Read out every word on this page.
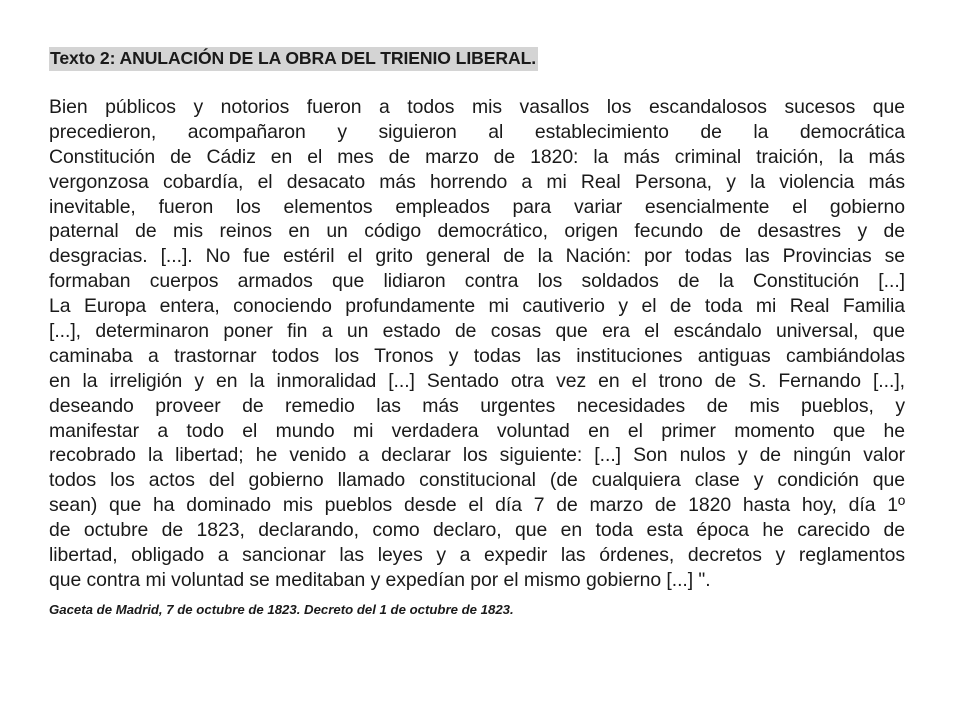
Texto 2: ANULACIÓN DE LA OBRA DEL TRIENIO LIBERAL.
Bien públicos y notorios fueron a todos mis vasallos los escandalosos sucesos que
precedieron, acompañaron y siguieron al establecimiento de la democrática
Constitución de Cádiz en el mes de marzo de 1820: la más criminal traición, la más
vergonzosa cobardía, el desacato más horrendo a mi Real Persona, y la violencia más
inevitable, fueron los elementos empleados para variar esencialmente el gobierno
paternal de mis reinos en un código democrático, origen fecundo de desastres y de
desgracias. [...]. No fue estéril el grito general de la Nación: por todas las Provincias se
formaban cuerpos armados que lidiaron contra los soldados de la Constitución [...]
La Europa entera, conociendo profundamente mi cautiverio y el de toda mi Real Familia
[...], determinaron poner fin a un estado de cosas que era el escándalo universal, que
caminaba a trastornar todos los Tronos y todas las instituciones antiguas cambiándolas
en la irreligión y en la inmoralidad [...] Sentado otra vez en el trono de S. Fernando [...],
deseando proveer de remedio las más urgentes necesidades de mis pueblos, y
manifestar a todo el mundo mi verdadera voluntad en el primer momento que he
recobrado la libertad; he venido a declarar los siguiente: [...] Son nulos y de ningún valor
todos los actos del gobierno llamado constitucional (de cualquiera clase y condición que
sean) que ha dominado mis pueblos desde el día 7 de marzo de 1820 hasta hoy, día 1º
de octubre de 1823, declarando, como declaro, que en toda esta época he carecido de
libertad, obligado a sancionar las leyes y a expedir las órdenes, decretos y reglamentos
que contra mi voluntad se meditaban y expedían por el mismo gobierno [...] ".

Gaceta de Madrid, 7 de octubre de 1823. Decreto del 1 de octubre de 1823.
